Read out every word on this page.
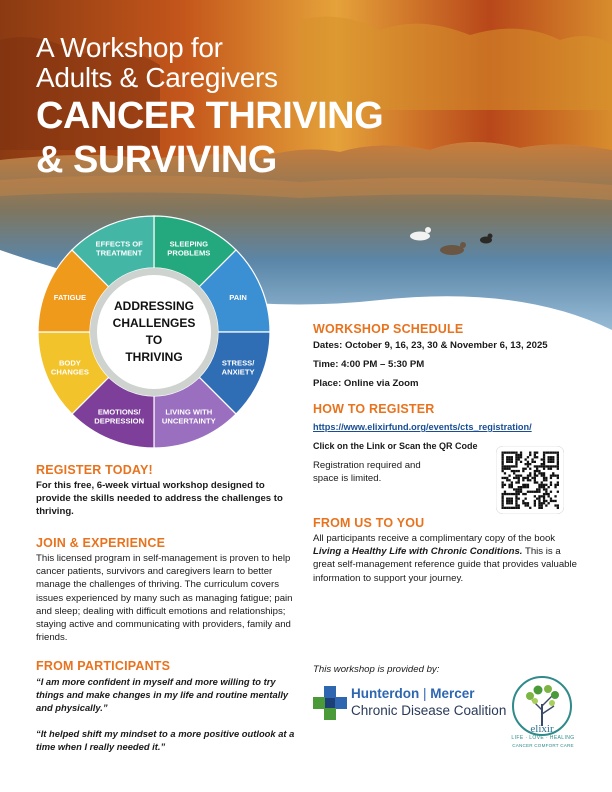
A Workshop for
Adults & Caregivers
CANCER THRIVING
& SURVIVING
SLEEPING
PROBLEMS
PAIN
STRESS/
ANXIETY
LIVING WITH
UNCERTAINTY
EMOTIONS/
DEPRESSION
BODY
CHANGES
FATIGUE
EFFECTS OF
TREATMENT
ADDRESSING
CHALLENGES
TO
THRIVING
REGISTER TODAY!
For this free, 6-week virtual workshop designed to provide the skills needed to address the challenges to thriving.
JOIN & EXPERIENCE
This licensed program in self-management is proven to help cancer patients, survivors and caregivers learn to better manage the challenges of thriving. The curriculum covers issues experienced by many such as managing fatigue; pain and sleep; dealing with difficult emotions and relationships; staying active and communicating with providers, family and friends.
FROM PARTICIPANTS
“I am more confident in myself and more willing to try things and make changes in my life and routine mentally and physically.”
“It helped shift my mindset to a more positive outlook at a time when I really needed it.”
WORKSHOP SCHEDULE
Dates: October 9, 16, 23, 30 & November 6, 13, 2025
Time: 4:00 PM – 5:30 PM
Place: Online via Zoom
HOW TO REGISTER
https://www.elixirfund.org/events/cts_registration/
Click on the Link or Scan the QR Code
Registration required and
space is limited.
FROM US TO YOU
All participants receive a complimentary copy of the book Living a Healthy Life with Chronic Conditions. This is a great self-management reference guide that provides valuable information to support your journey.
This workshop is provided by:
Hunterdon | Mercer
Chronic Disease Coalition
elixir
LIFE · LOVE · HEALING
CANCER COMFORT CARE
